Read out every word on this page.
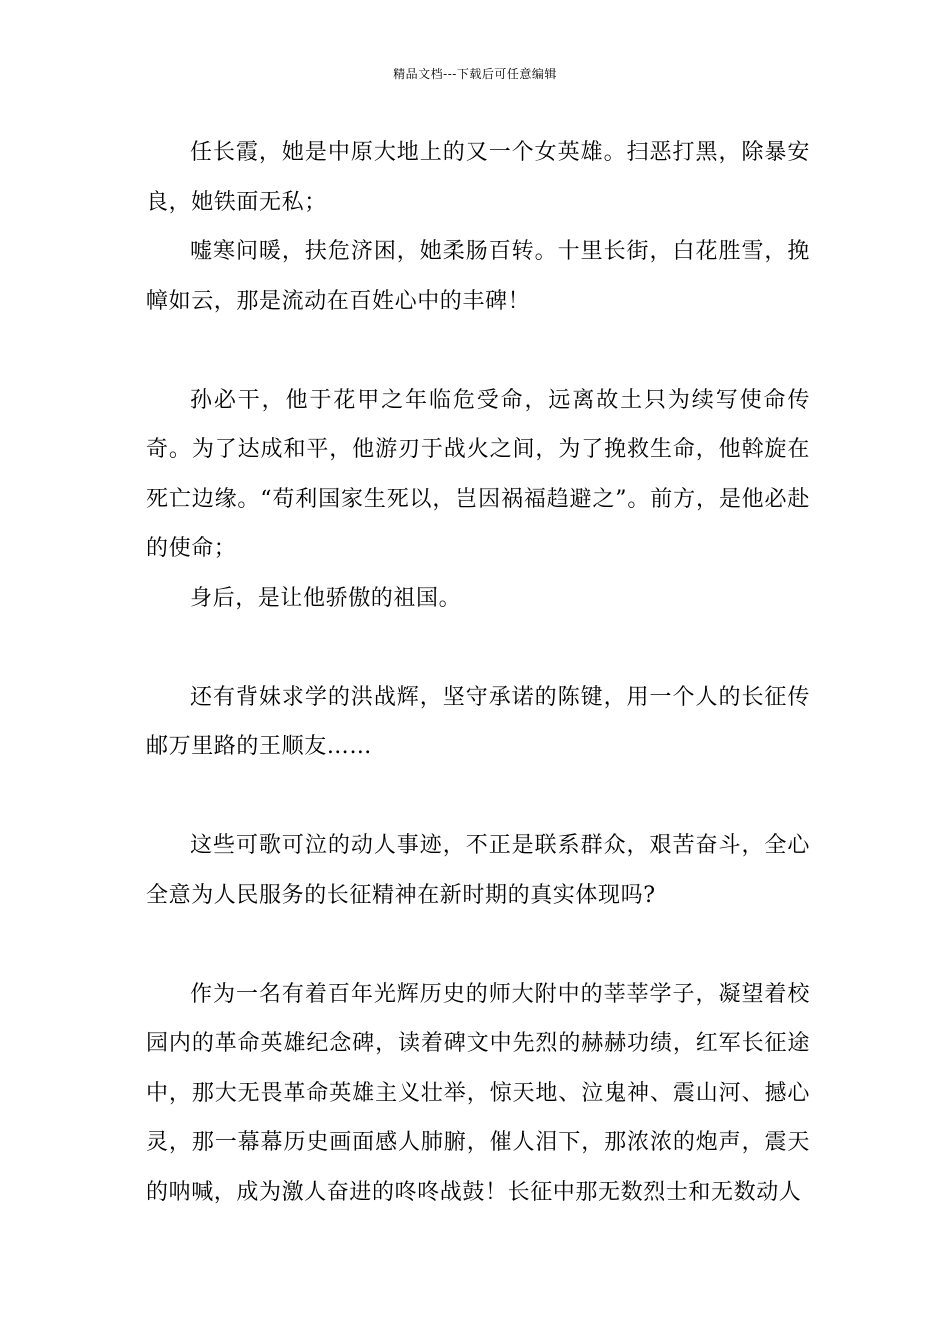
精品文档---下载后可任意编辑

任长霞，她是中原大地上的又一个女英雄。扫恶打黑，除暴安良，她铁面无私；

嘘寒问暖，扶危济困，她柔肠百转。十里长街，白花胜雪，挽幛如云，那是流动在百姓心中的丰碑！

孙必干，他于花甲之年临危受命，远离故土只为续写使命传奇。为了达成和平，他游刃于战火之间，为了挽救生命，他斡旋在死亡边缘。“苟利国家生死以，岂因祸福趋避之”。前方，是他必赴的使命；

身后，是让他骄傲的祖国。

还有背妹求学的洪战辉，坚守承诺的陈键，用一个人的长征传邮万里路的王顺友……

这些可歌可泣的动人事迹，不正是联系群众，艰苦奋斗，全心全意为人民服务的长征精神在新时期的真实体现吗?

作为一名有着百年光辉历史的师大附中的莘莘学子，凝望着校园内的革命英雄纪念碑，读着碑文中先烈的赫赫功绩，红军长征途中，那大无畏革命英雄主义壮举，惊天地、泣鬼神、震山河、撼心灵，那一幕幕历史画面感人肺腑，催人泪下，那浓浓的炮声，震天的呐喊，成为激人奋进的咚咚战鼓！长征中那无数烈士和无数动人
